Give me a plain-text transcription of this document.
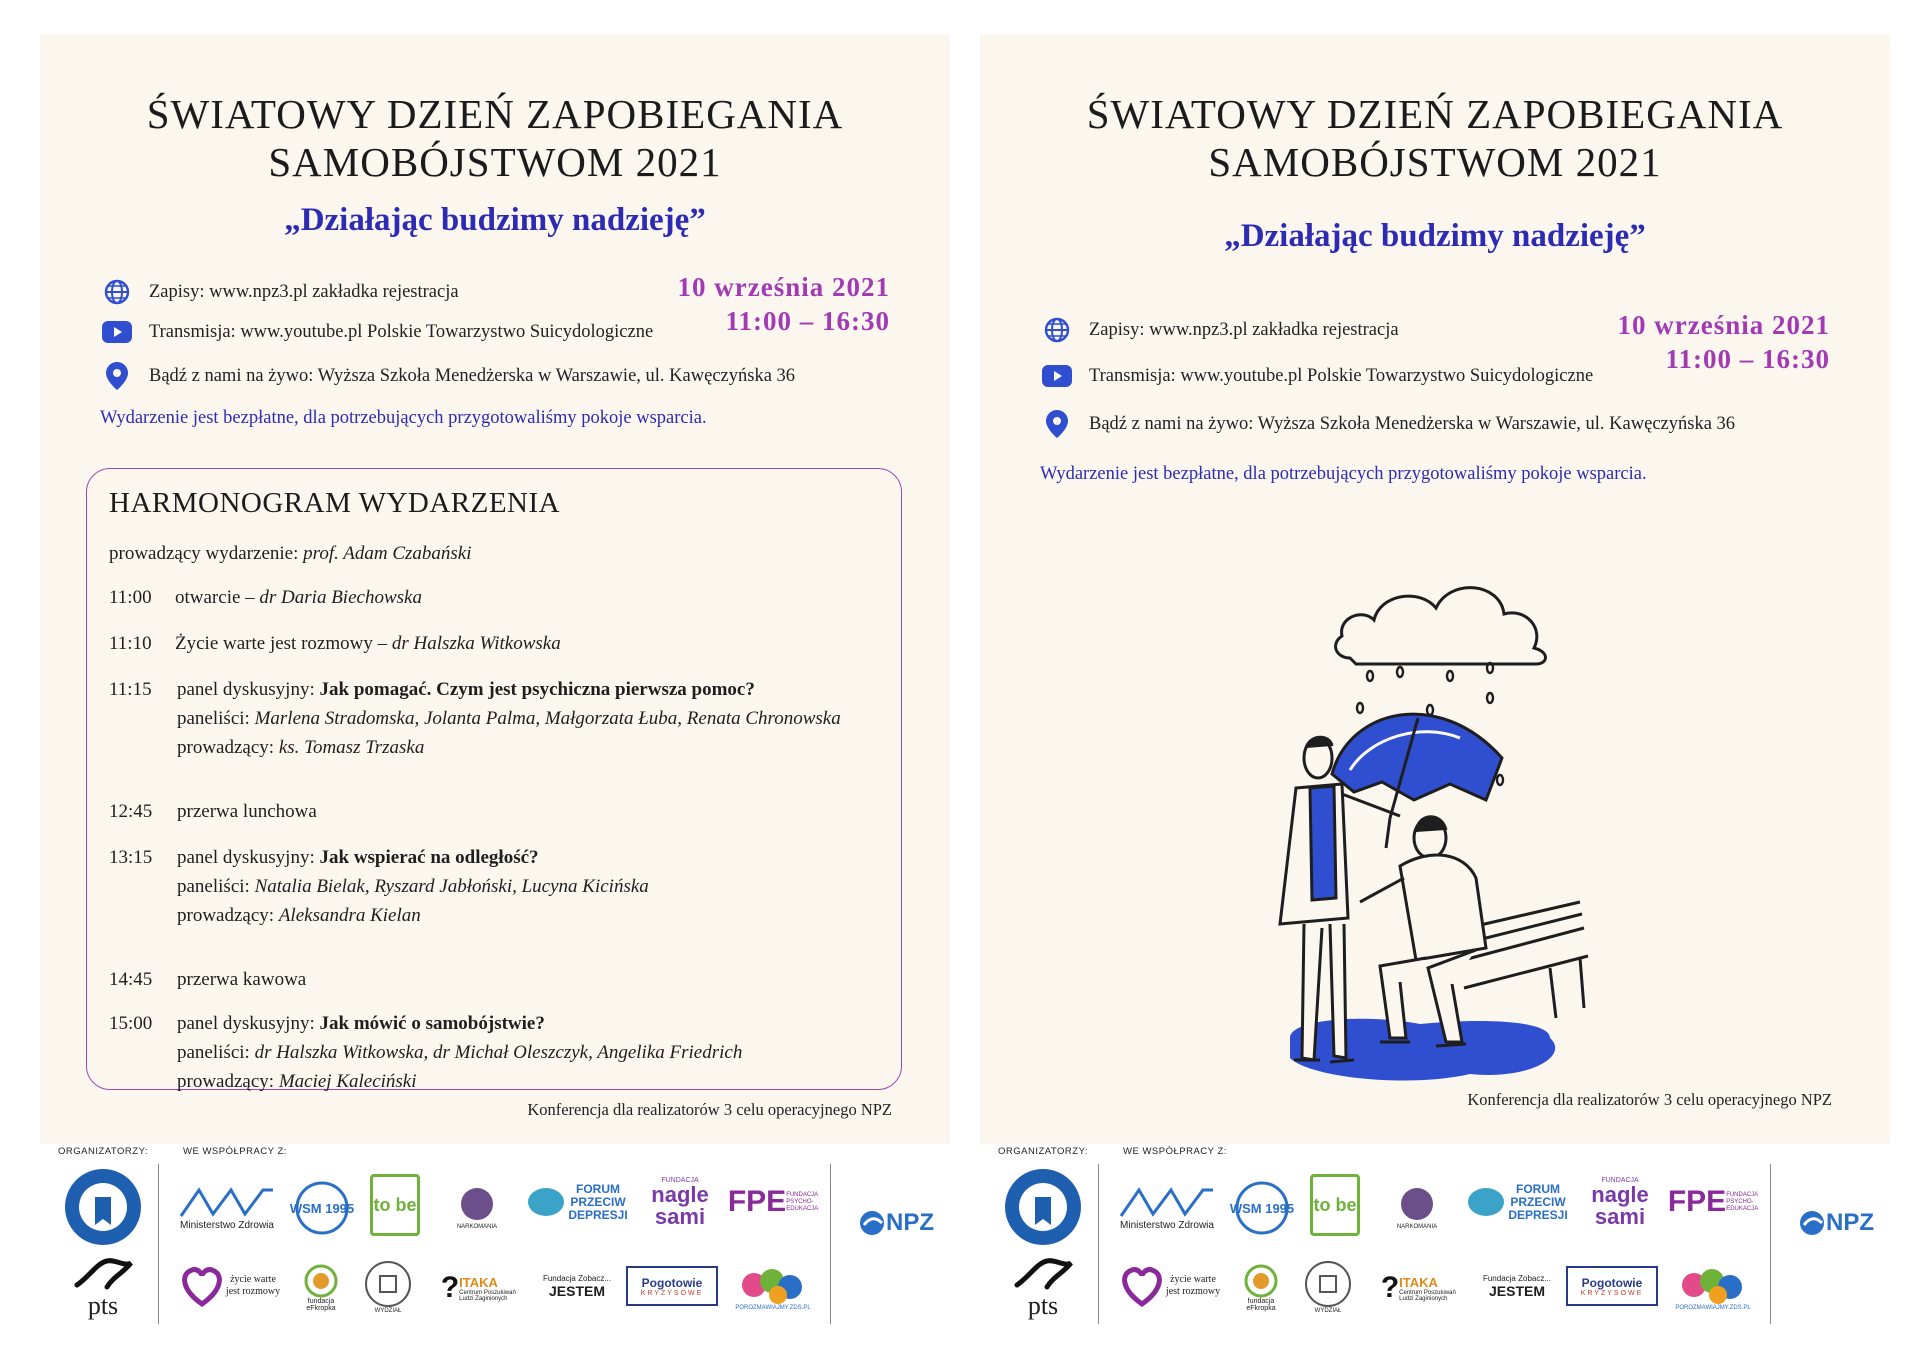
ŚWIATOWY DZIEŃ ZAPOBIEGANIA
SAMOBÓJSTWOM 2021
„Działając budzimy nadzieję”
Zapisy: www.npz3.pl zakładka rejestracja
Transmisja: www.youtube.pl Polskie Towarzystwo Suicydologiczne
Bądź z nami na żywo: Wyższa Szkoła Menedżerska w Warszawie, ul. Kawęczyńska 36
10 września 2021
11:00 – 16:30
Wydarzenie jest bezpłatne, dla potrzebujących przygotowaliśmy pokoje wsparcia.
HARMONOGRAM WYDARZENIA
prowadzący wydarzenie: prof. Adam Czabański
11:00	otwarcie – dr Daria Biechowska
11:10	Życie warte jest rozmowy – dr Halszka Witkowska
11:15	panel dyskusyjny: Jak pomagać. Czym jest psychiczna pierwsza pomoc?
paneliści: Marlena Stradomska, Jolanta Palma, Małgorzata Łuba, Renata Chronowska
prowadzący: ks. Tomasz Trzaska
12:45	przerwa lunchowa
13:15	panel dyskusyjny: Jak wspierać na odległość?
paneliści: Natalia Bielak, Ryszard Jabłoński, Lucyna Kicińska
prowadzący: Aleksandra Kielan
14:45	przerwa kawowa
15:00	panel dyskusyjny: Jak mówić o samobójstwie?
paneliści: dr Halszka Witkowska, dr Michał Oleszczyk, Angelika Friedrich
prowadzący: Maciej Kaleciński
Konferencja dla realizatorów 3 celu operacyjnego NPZ
ŚWIATOWY DZIEŃ ZAPOBIEGANIA
SAMOBÓJSTWOM 2021
„Działając budzimy nadzieję”
Zapisy: www.npz3.pl zakładka rejestracja
Transmisja: www.youtube.pl Polskie Towarzystwo Suicydologiczne
Bądź z nami na żywo: Wyższa Szkoła Menedżerska w Warszawie, ul. Kawęczyńska 36
10 września 2021
11:00 – 16:30
Wydarzenie jest bezpłatne, dla potrzebujących przygotowaliśmy pokoje wsparcia.
Konferencja dla realizatorów 3 celu operacyjnego NPZ
ORGANIZATORZY:	WE WSPÓŁPRACY Z:
pts
Ministerstwo Zdrowia
WSM 1995 to be
NARKOMANIA
FORUM PRZECIW DEPRESJI
FUNDACJA
nagle sami FPE FUNDACJA PSYCHO-EDUKACJA
NPZ
życie warte
jest rozmowy
fundacja eFkropka	WYDZIAŁ
? ITAKA
Centrum Poszukiwań Ludzi Zaginionych
Fundacja Zobacz...
JESTEM	Pogotowie
KRYZYSOWE
POROZMAWIAJMY.ZDS.PL
ORGANIZATORZY:	WE WSPÓŁPRACY Z:
pts
Ministerstwo Zdrowia
WSM 1995 to be
NARKOMANIA
FORUM PRZECIW DEPRESJI
FUNDACJA
nagle sami FPE FUNDACJA PSYCHO-EDUKACJA
NPZ
życie warte
jest rozmowy
fundacja eFkropka	WYDZIAŁ
? ITAKA
Centrum Poszukiwań Ludzi Zaginionych
Fundacja Zobacz...
JESTEM	Pogotowie
KRYZYSOWE
POROZMAWIAJMY.ZDS.PL
